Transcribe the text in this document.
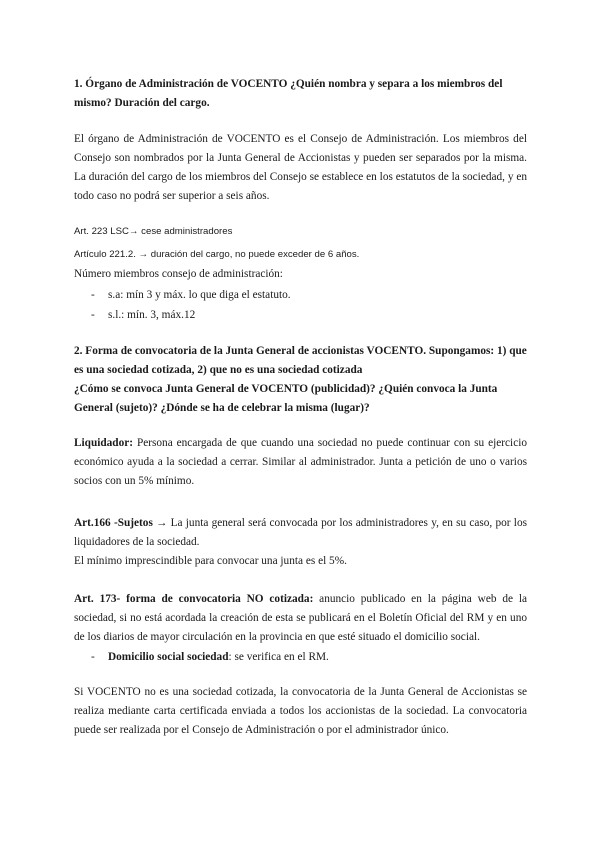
1. Órgano de Administración de VOCENTO ¿Quién nombra y separa a los miembros del mismo? Duración del cargo.

El órgano de Administración de VOCENTO es el Consejo de Administración. Los miembros del Consejo son nombrados por la Junta General de Accionistas y pueden ser separados por la misma. La duración del cargo de los miembros del Consejo se establece en los estatutos de la sociedad, y en todo caso no podrá ser superior a seis años.

Art. 223 LSC→ cese administradores

Artículo 221.2. → duración del cargo, no puede exceder de 6 años.

Número miembros consejo de administración:

- s.a: mín 3 y máx. lo que diga el estatuto.
- s.l.: mín. 3, máx.12

2. Forma de convocatoria de la Junta General de accionistas VOCENTO. Supongamos: 1) que es una sociedad cotizada, 2) que no es una sociedad cotizada

¿Cómo se convoca Junta General de VOCENTO (publicidad)? ¿Quién convoca la Junta General (sujeto)? ¿Dónde se ha de celebrar la misma (lugar)?

Liquidador: Persona encargada de que cuando una sociedad no puede continuar con su ejercicio económico ayuda a la sociedad a cerrar. Similar al administrador. Junta a petición de uno o varios socios con un 5% mínimo.

Art.166 -Sujetos → La junta general será convocada por los administradores y, en su caso, por los liquidadores de la sociedad.

El mínimo imprescindible para convocar una junta es el 5%.

Art. 173- forma de convocatoria NO cotizada: anuncio publicado en la página web de la sociedad, si no está acordada la creación de esta se publicará en el Boletín Oficial del RM y en uno de los diarios de mayor circulación en la provincia en que esté situado el domicilio social.

- Domicilio social sociedad: se verifica en el RM.

Si VOCENTO no es una sociedad cotizada, la convocatoria de la Junta General de Accionistas se realiza mediante carta certificada enviada a todos los accionistas de la sociedad. La convocatoria puede ser realizada por el Consejo de Administración o por el administrador único.
